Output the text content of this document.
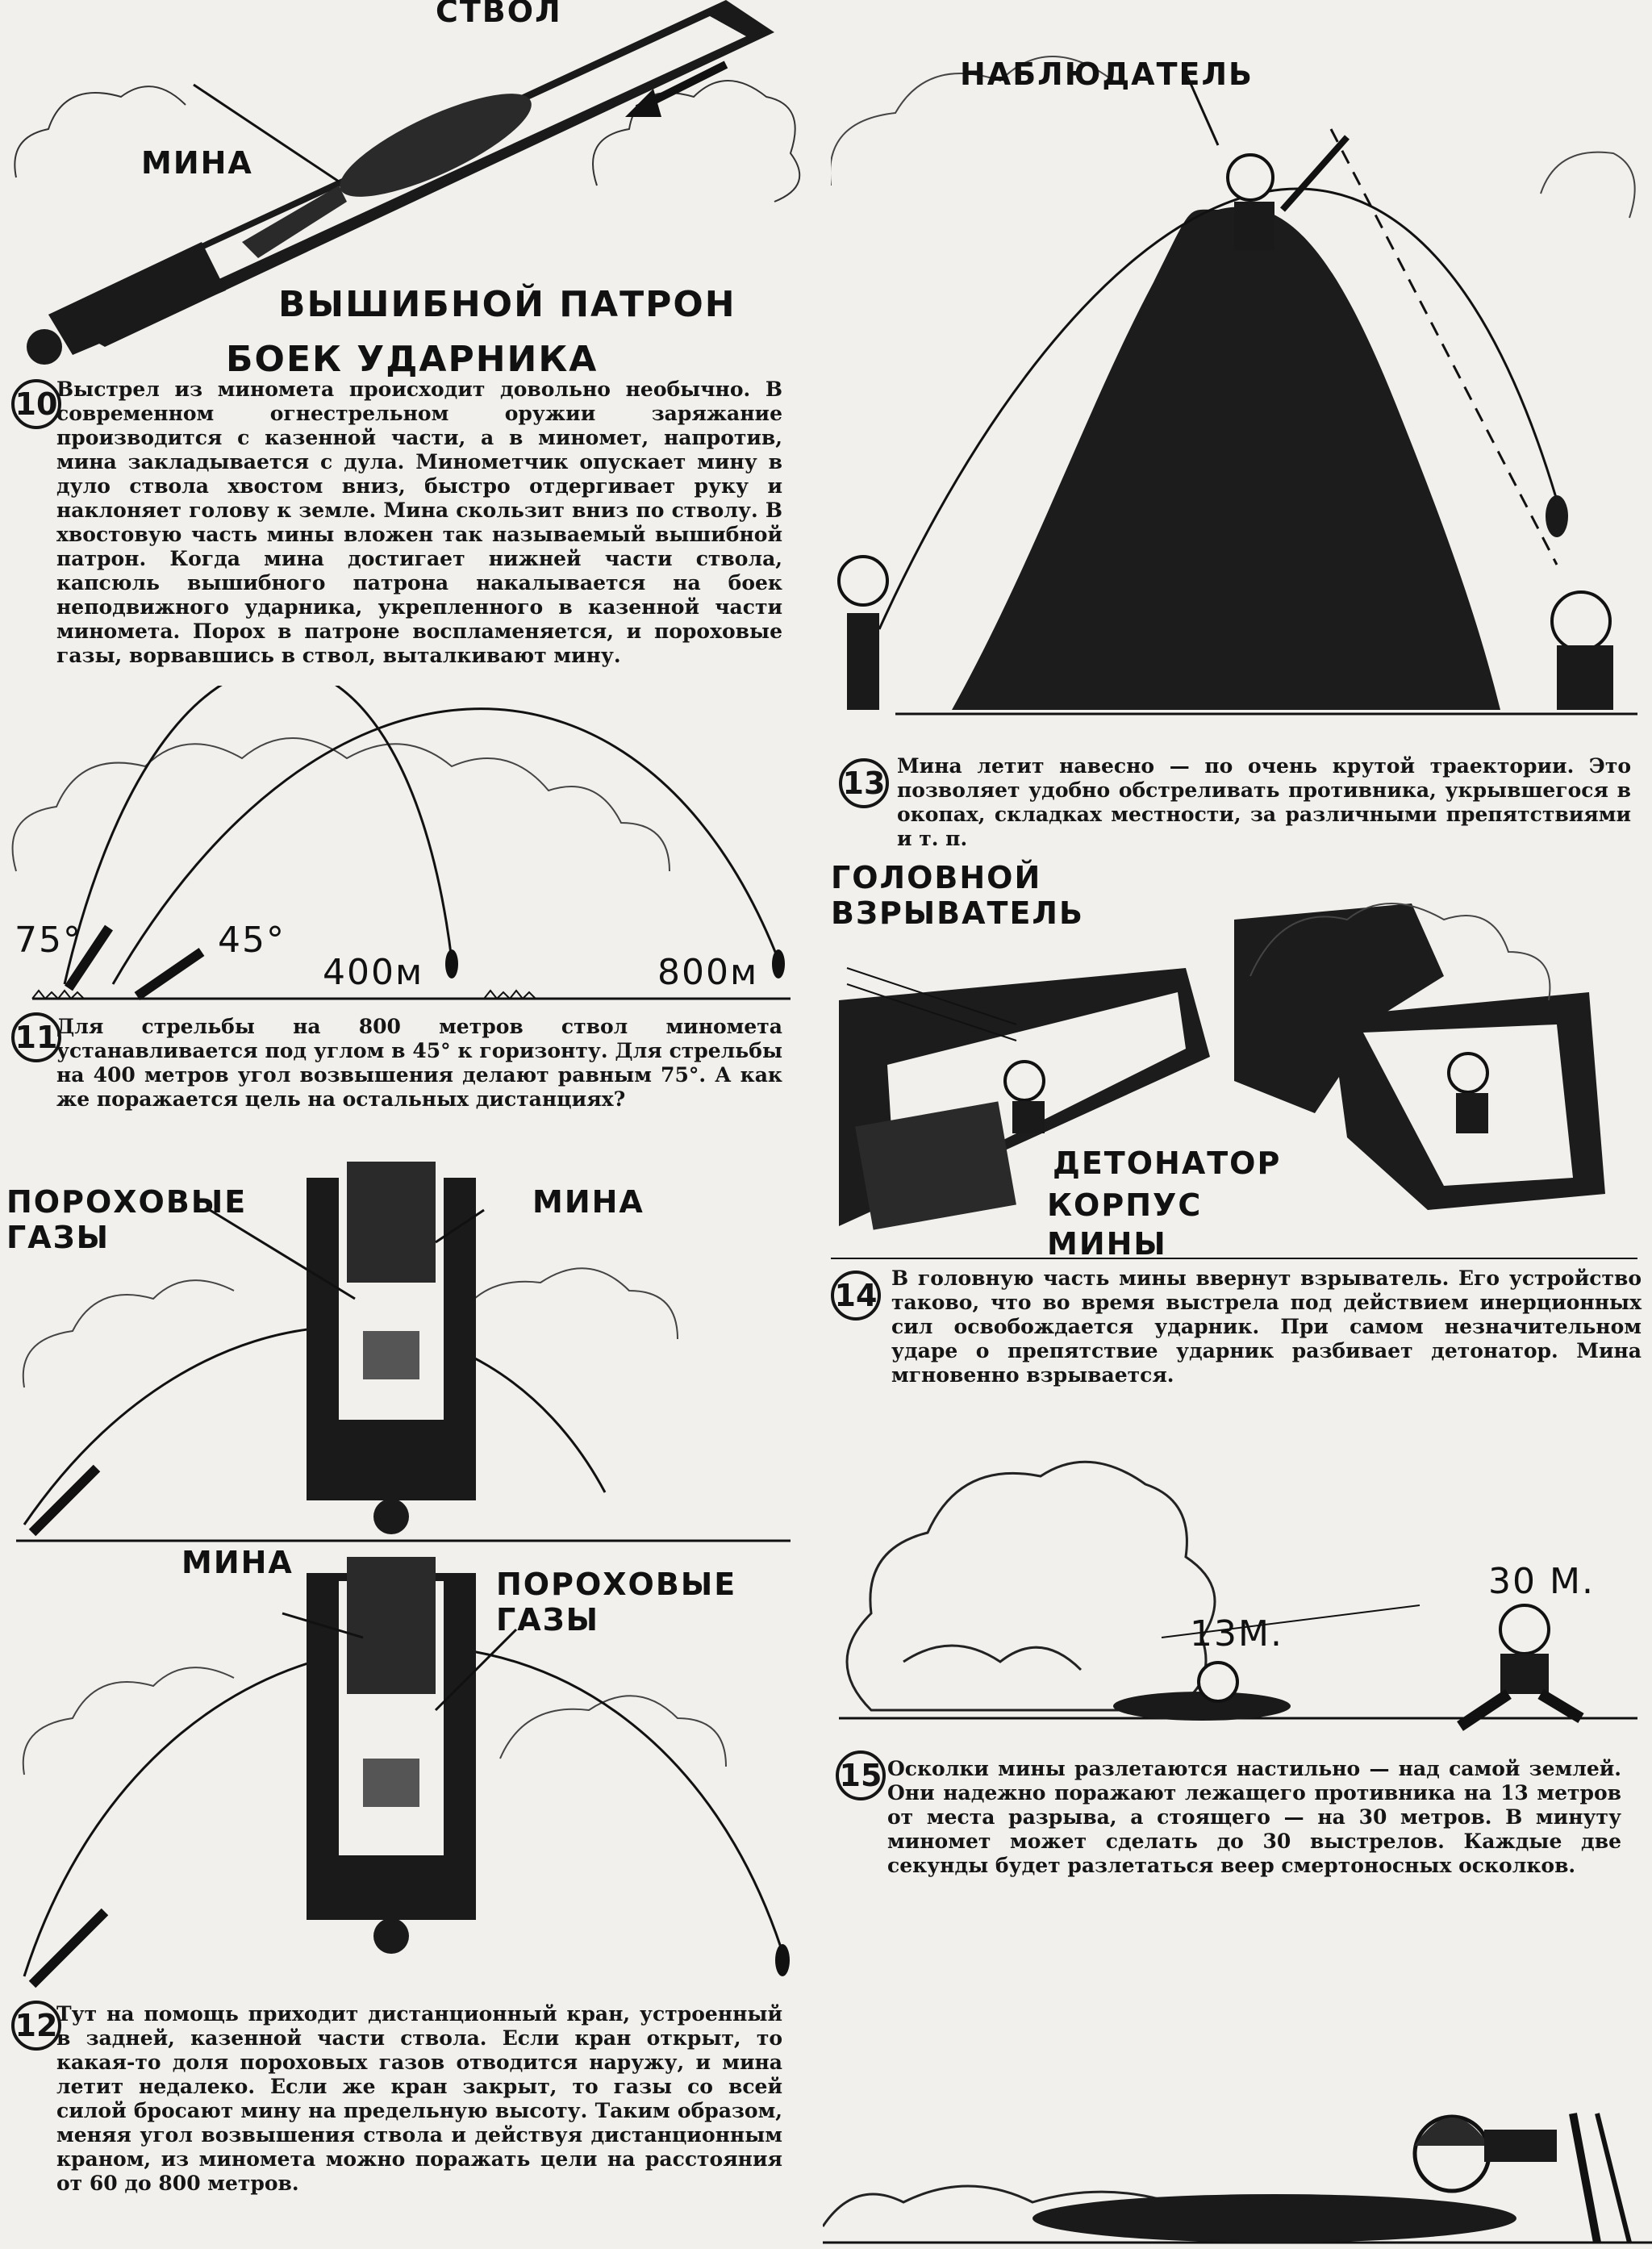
СТВОЛ
МИНА
ВЫШИБНОЙ ПАТРОН
БОЕК УДАРНИКА
10
Выстрел из миномета происходит довольно необычно. В современном огнестрельном оружии заряжание производится с казенной части, а в миномет, напротив, мина закладывается с дула. Минометчик опускает мину в дуло ствола хвостом вниз, быстро отдергивает руку и наклоняет голову к земле. Мина скользит вниз по стволу. В хвостовую часть мины вложен так называемый вышибной патрон. Когда мина достигает нижней части ствола, капсюль вышибного патрона накалывается на боек неподвижного ударника, укрепленного в казенной части миномета. Порох в патроне воспламеняется, и пороховые газы, ворвавшись в ствол, выталкивают мину.
75°	45°
400м	800м
11
Для стрельбы на 800 метров ствол миномета устанавливается под углом в 45° к горизонту. Для стрельбы на 400 метров угол возвышения делают равным 75°. А как же поражается цель на остальных дистанциях?
ПОРОХОВЫЕ ГАЗЫ
МИНА
МИНА
ПОРОХОВЫЕ ГАЗЫ
12
Тут на помощь приходит дистанционный кран, устроенный в задней, казенной части ствола. Если кран открыт, то какая-то доля пороховых газов отводится наружу, и мина летит недалеко. Если же кран закрыт, то газы со всей силой бросают мину на предельную высоту. Таким образом, меняя угол возвышения ствола и действуя дистанционным краном, из миномета можно поражать цели на расстояния от 60 до 800 метров.
НАБЛЮДАТЕЛЬ
13 Мина летит навесно — по очень крутой траектории. Это позволяет удобно обстреливать противника, укрывшегося в окопах, складках местности, за различными препятствиями и т. п.
ГОЛОВНОЙ ВЗРЫВАТЕЛЬ
ДЕТОНАТОР
КОРПУС МИНЫ
14 В головную часть мины ввернут взрыватель. Его устройство таково, что во время выстрела под действием инерционных сил освобождается ударник. При самом незначительном ударе о препятствие ударник разбивает детонатор. Мина мгновенно взрывается.
13М.
30 М.
15 Осколки мины разлетаются настильно — над самой землей. Они надежно поражают лежащего противника на 13 метров от места разрыва, а стоящего — на 30 метров. В минуту миномет может сделать до 30 выстрелов. Каждые две секунды будет разлетаться веер смертоносных осколков.
